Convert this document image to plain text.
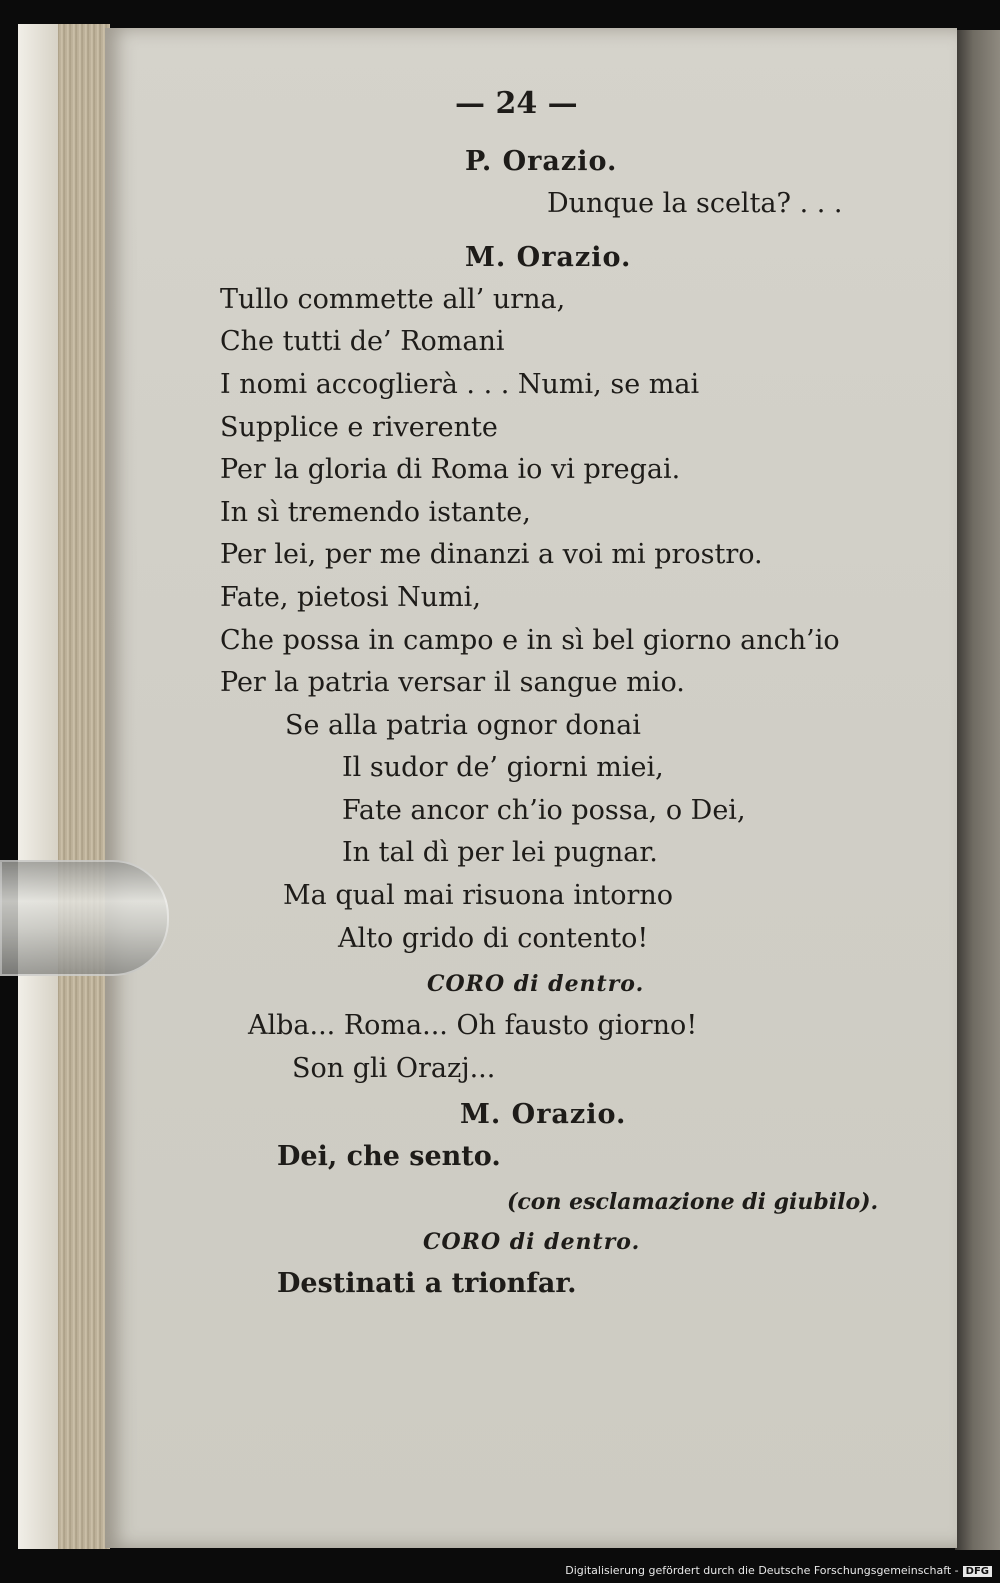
— 24 —
P. Orazio.
Dunque la scelta? . . .
M. Orazio.
Tullo commette all’ urna,
Che tutti de’ Romani
I nomi accoglierà . . . Numi, se mai
Supplice e riverente
Per la gloria di Roma io vi pregai.
In sì tremendo istante,
Per lei, per me dinanzi a voi mi prostro.
Fate, pietosi Numi,
Che possa in campo e in sì bel giorno anch’io
Per la patria versar il sangue mio.
Se alla patria ognor donai
Il sudor de’ giorni miei,
Fate ancor ch’io possa, o Dei,
In tal dì per lei pugnar.
Ma qual mai risuona intorno
Alto grido di contento!
CORO di dentro.
Alba... Roma... Oh fausto giorno!
Son gli Orazj...
M. Orazio.
Dei, che sento.
(con esclamazione di giubilo).
CORO di dentro.
Destinati a trionfar.
Digitalisierung gefördert durch die Deutsche Forschungsgemeinschaft - DFG
